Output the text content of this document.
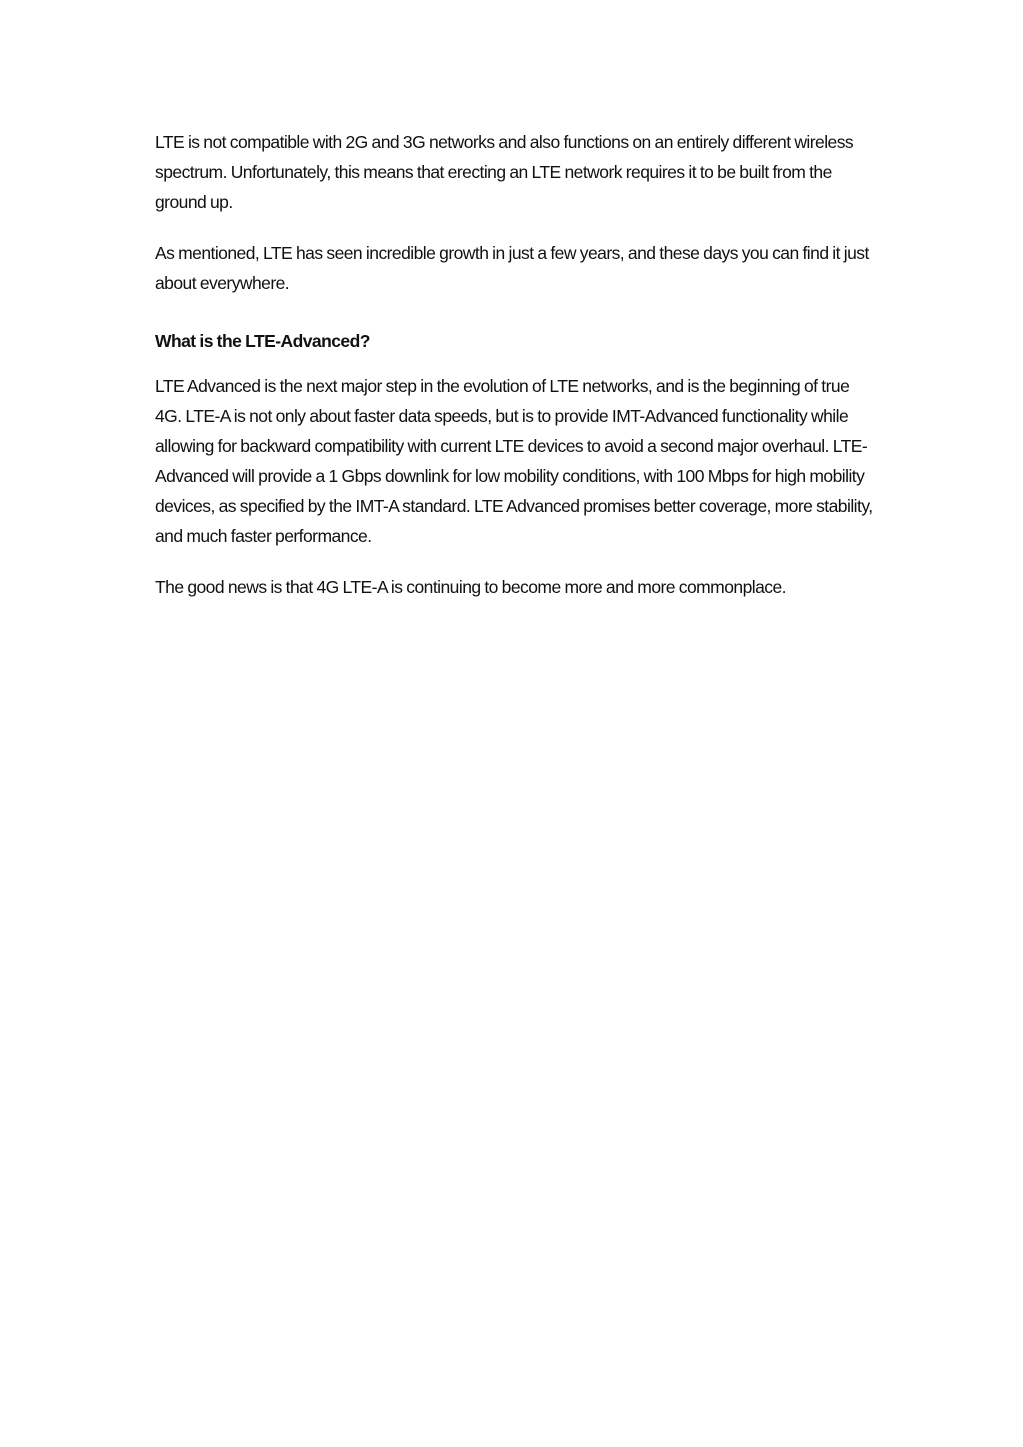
LTE is not compatible with 2G and 3G networks and also functions on an entirely different wireless spectrum. Unfortunately, this means that erecting an LTE network requires it to be built from the ground up.

As mentioned, LTE has seen incredible growth in just a few years, and these days you can find it just about everywhere.

What is the LTE-Advanced?

LTE Advanced is the next major step in the evolution of LTE networks, and is the beginning of true 4G. LTE-A is not only about faster data speeds, but is to provide IMT-Advanced functionality while allowing for backward compatibility with current LTE devices to avoid a second major overhaul. LTE-Advanced will provide a 1 Gbps downlink for low mobility conditions, with 100 Mbps for high mobility devices, as specified by the IMT-A standard. LTE Advanced promises better coverage, more stability, and much faster performance.

The good news is that 4G LTE-A is continuing to become more and more commonplace.
